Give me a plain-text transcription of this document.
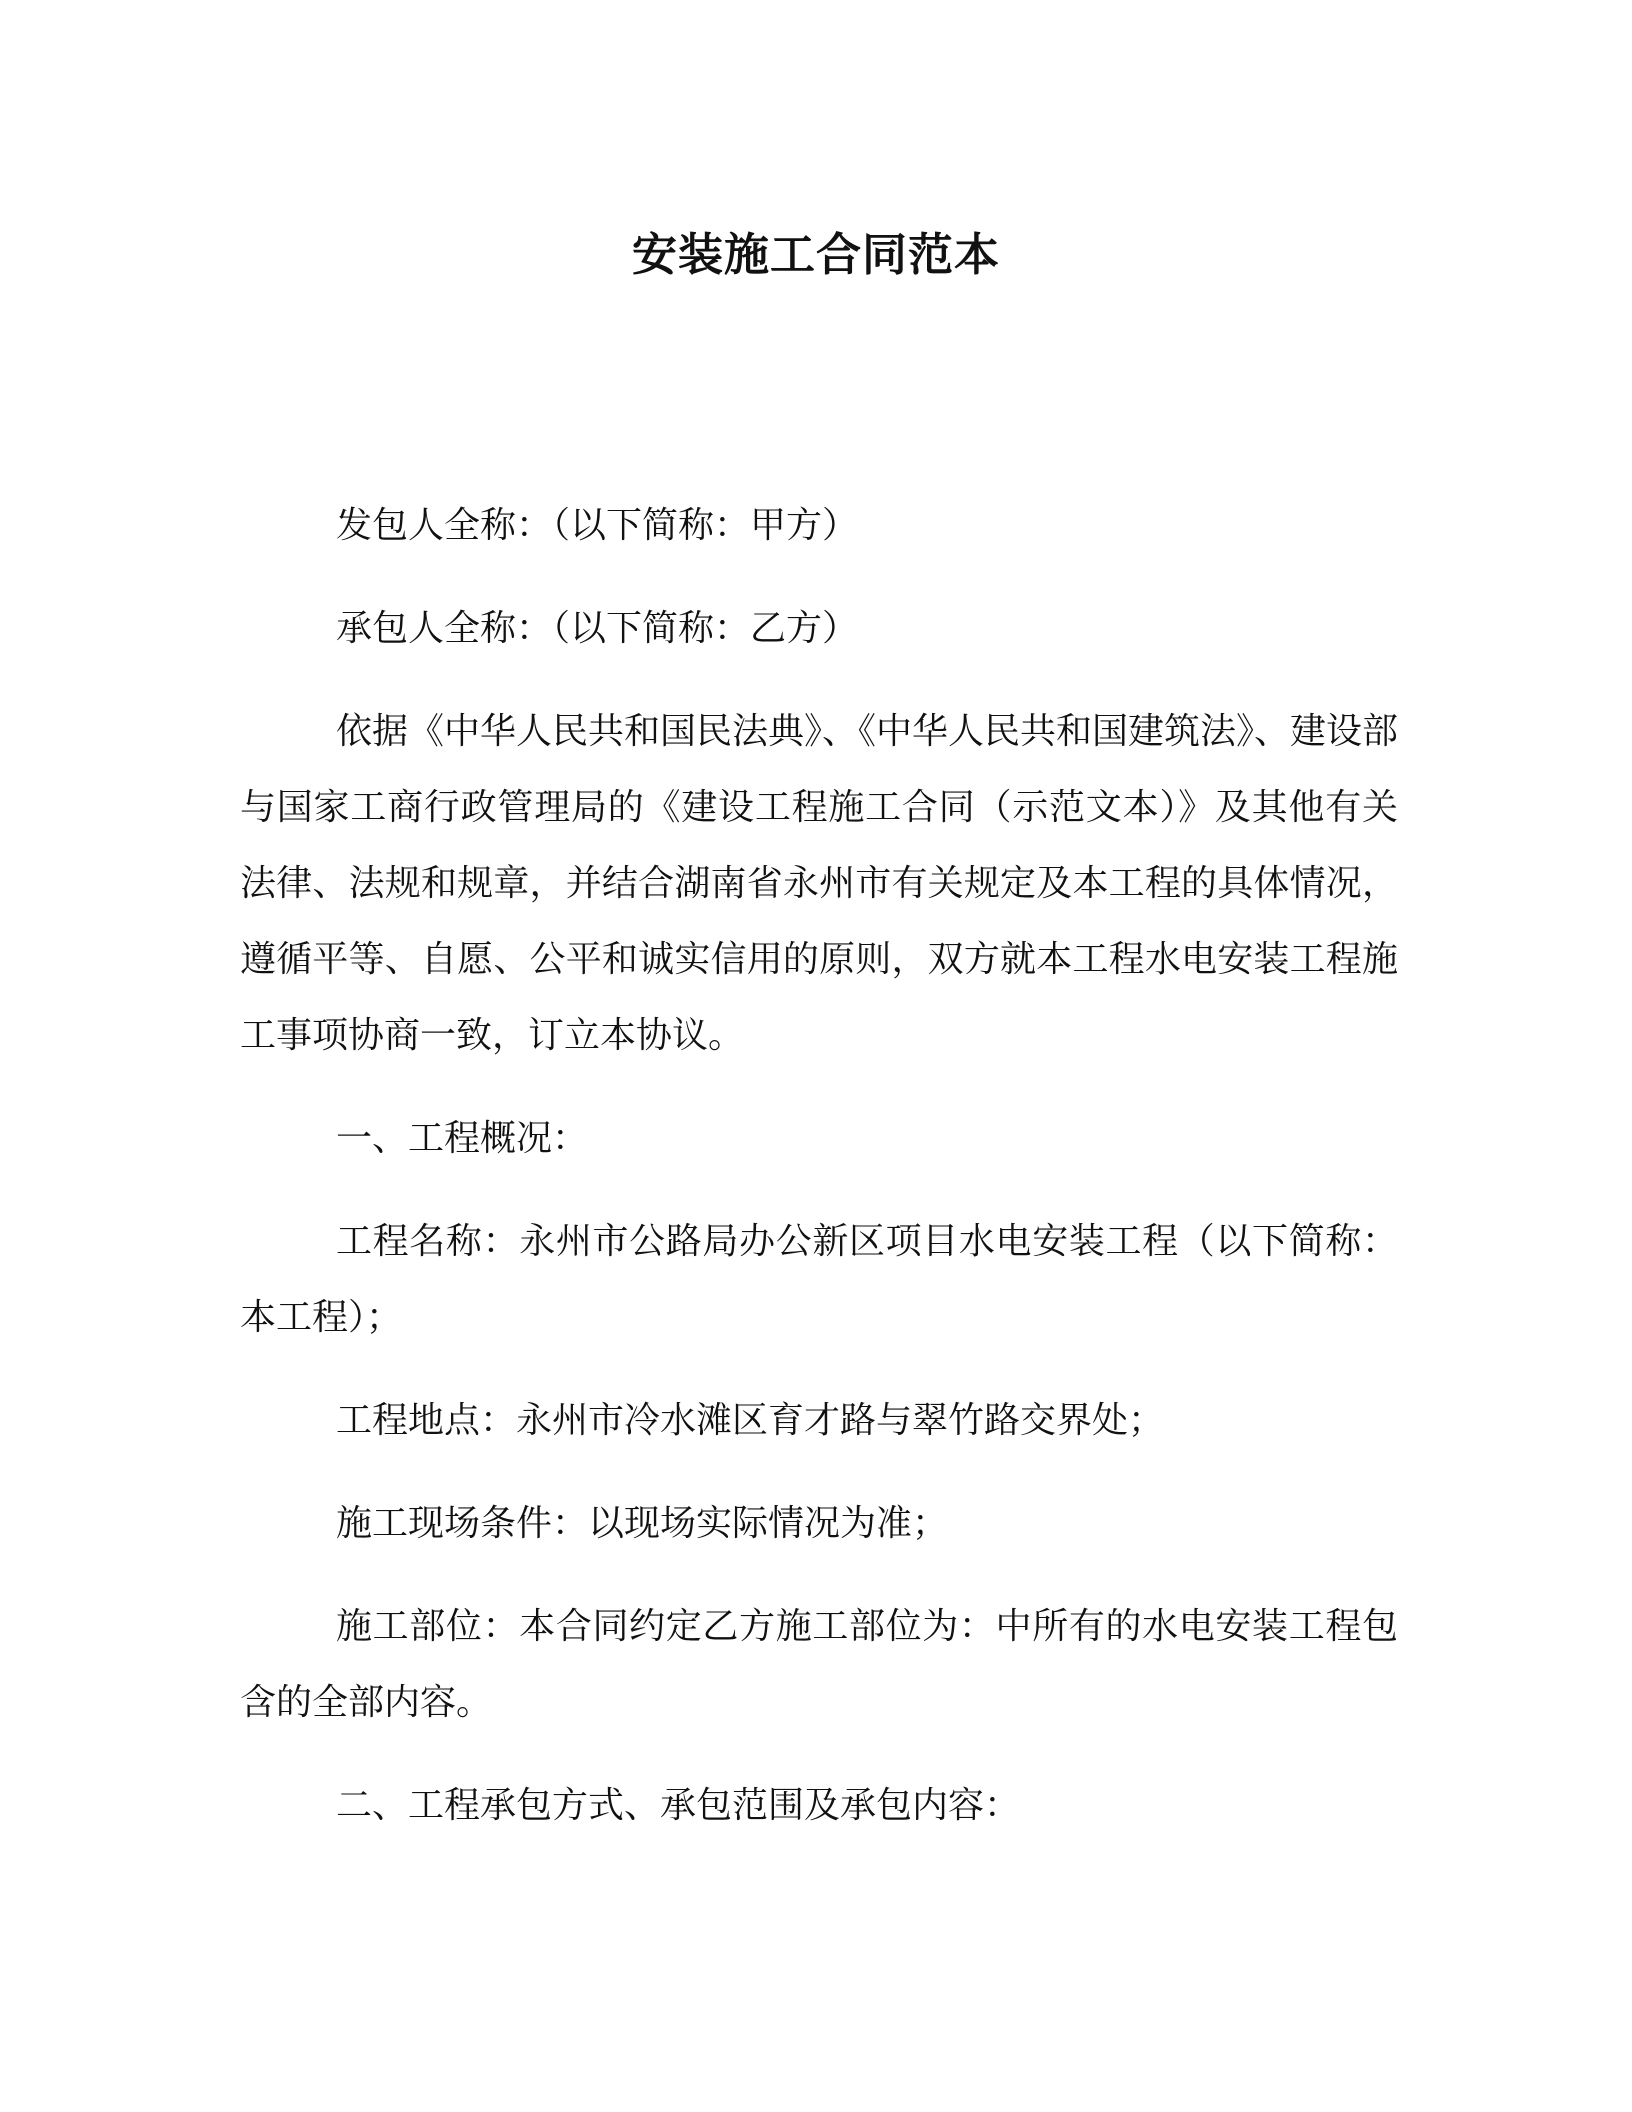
安装施工合同范本

发包人全称：（以下简称：甲方）

承包人全称：（以下简称：乙方）

依据《中华人民共和国民法典》、《中华人民共和国建筑法》、建设部与国家工商行政管理局的《建设工程施工合同（示范文本）》及其他有关法律、法规和规章，并结合湖南省永州市有关规定及本工程的具体情况，遵循平等、自愿、公平和诚实信用的原则，双方就本工程水电安装工程施工事项协商一致，订立本协议。

一、工程概况：

工程名称：永州市公路局办公新区项目水电安装工程（以下简称：本工程）；

工程地点：永州市冷水滩区育才路与翠竹路交界处；

施工现场条件：以现场实际情况为准；

施工部位：本合同约定乙方施工部位为：中所有的水电安装工程包含的全部内容。

二、工程承包方式、承包范围及承包内容：
